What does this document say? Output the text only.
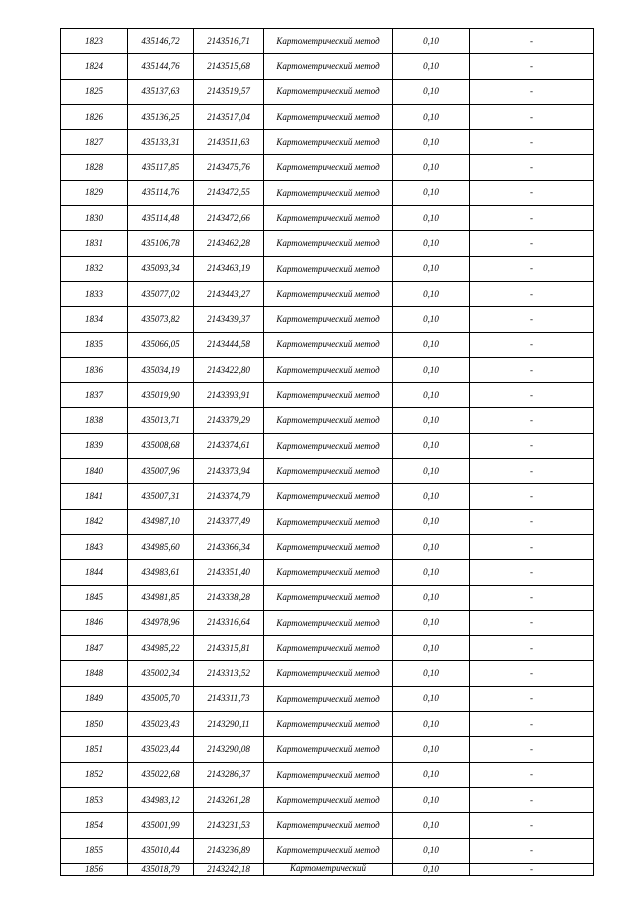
1823	435146,72	2143516,71	Картометрический метод	0,10	-
1824	435144,76	2143515,68	Картометрический метод	0,10	-
1825	435137,63	2143519,57	Картометрический метод	0,10	-
1826	435136,25	2143517,04	Картометрический метод	0,10	-
1827	435133,31	2143511,63	Картометрический метод	0,10	-
1828	435117,85	2143475,76	Картометрический метод	0,10	-
1829	435114,76	2143472,55	Картометрический метод	0,10	-
1830	435114,48	2143472,66	Картометрический метод	0,10	-
1831	435106,78	2143462,28	Картометрический метод	0,10	-
1832	435093,34	2143463,19	Картометрический метод	0,10	-
1833	435077,02	2143443,27	Картометрический метод	0,10	-
1834	435073,82	2143439,37	Картометрический метод	0,10	-
1835	435066,05	2143444,58	Картометрический метод	0,10	-
1836	435034,19	2143422,80	Картометрический метод	0,10	-
1837	435019,90	2143393,91	Картометрический метод	0,10	-
1838	435013,71	2143379,29	Картометрический метод	0,10	-
1839	435008,68	2143374,61	Картометрический метод	0,10	-
1840	435007,96	2143373,94	Картометрический метод	0,10	-
1841	435007,31	2143374,79	Картометрический метод	0,10	-
1842	434987,10	2143377,49	Картометрический метод	0,10	-
1843	434985,60	2143366,34	Картометрический метод	0,10	-
1844	434983,61	2143351,40	Картометрический метод	0,10	-
1845	434981,85	2143338,28	Картометрический метод	0,10	-
1846	434978,96	2143316,64	Картометрический метод	0,10	-
1847	434985,22	2143315,81	Картометрический метод	0,10	-
1848	435002,34	2143313,52	Картометрический метод	0,10	-
1849	435005,70	2143311,73	Картометрический метод	0,10	-
1850	435023,43	2143290,11	Картометрический метод	0,10	-
1851	435023,44	2143290,08	Картометрический метод	0,10	-
1852	435022,68	2143286,37	Картометрический метод	0,10	-
1853	434983,12	2143261,28	Картометрический метод	0,10	-
1854	435001,99	2143231,53	Картометрический метод	0,10	-
1855	435010,44	2143236,89	Картометрический метод	0,10	-
1856	435018,79	2143242,18	Картометрический	0,10	-
